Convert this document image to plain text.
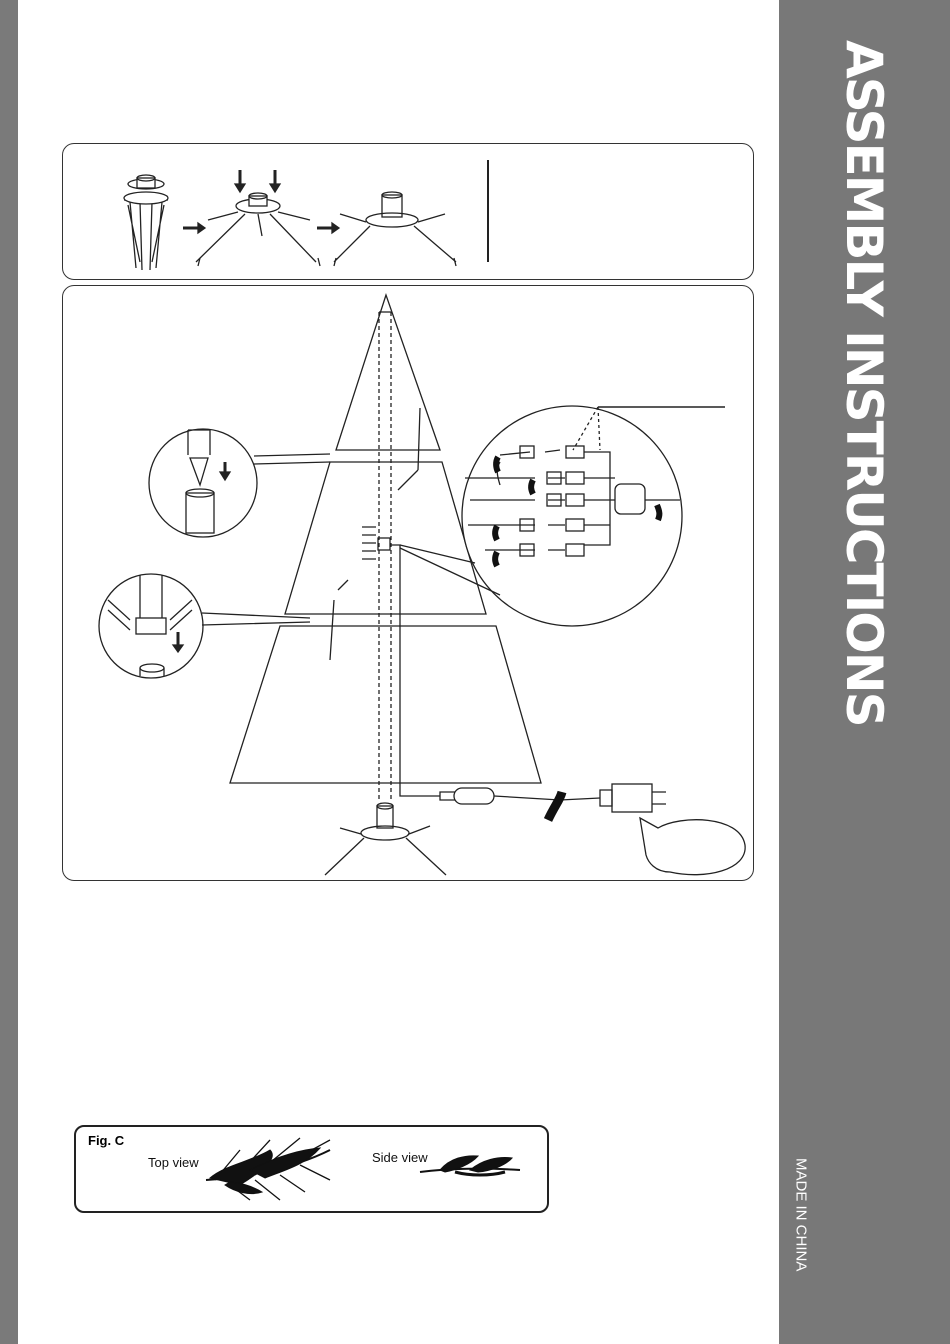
ASSEMBLY INSTRUCTIONS
MADE IN CHINA
Fig. C
Top view	Side view
